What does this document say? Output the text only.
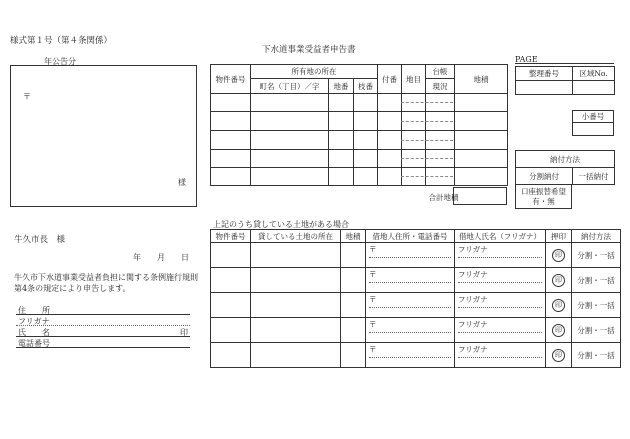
様式第１号（第４条関係）
下水道事業受益者申告書
年公告分
〒
様
物件番号	所有地の所在			付番	地目	台帳	地積
	町名（丁目）／字	地番	枝番			現況	

						合計地積	
PAGE
整理番号	区域No.

小番号

納付方法
分割納付	一括納付
口座振替希望
有・無
牛久市長　様
年　　月　　日
牛久市下水道事業受益者負担に関する条例施行規則
第4条の規定により申告します。
住　　所
フリガナ
氏　　名	印
電話番号
上記のうち貸している土地がある場合
物件番号	貸している土地の所在	地積	借地人住所・電話番号	借地人氏名（フリガナ）	押印	納付方法

			〒	フリガナ	印	分割・一括

			〒	フリガナ	印	分割・一括

			〒	フリガナ	印	分割・一括

			〒	フリガナ	印	分割・一括

			〒	フリガナ	印	分割・一括
